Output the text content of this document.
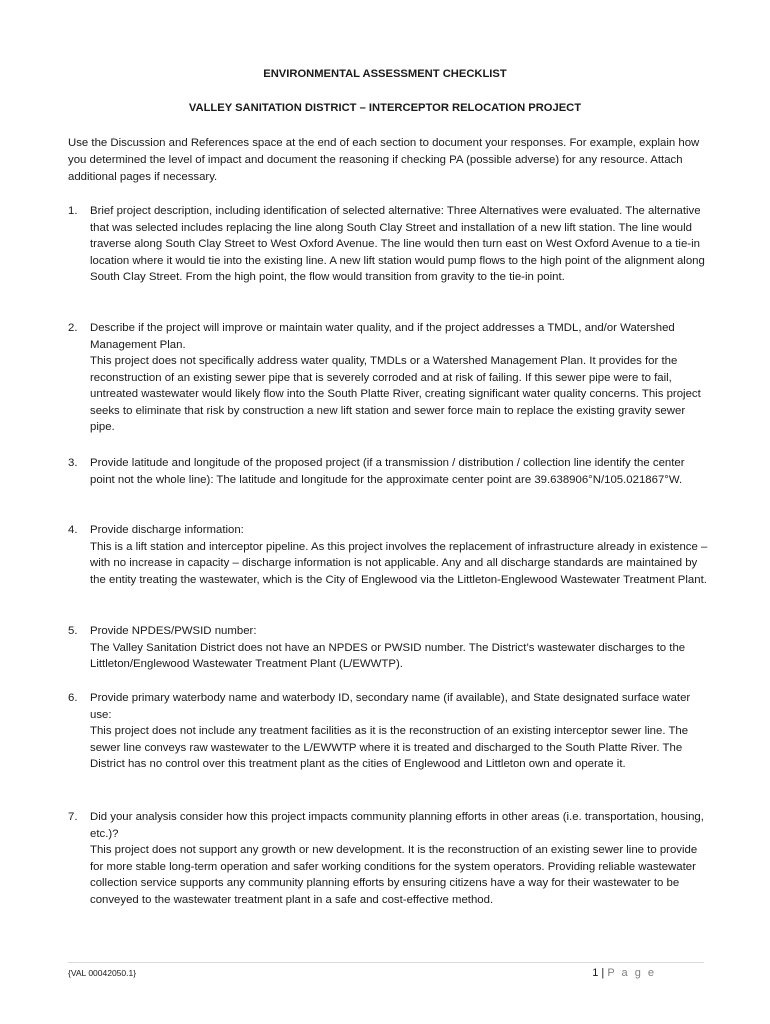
ENVIRONMENTAL ASSESSMENT CHECKLIST
VALLEY SANITATION DISTRICT – INTERCEPTOR RELOCATION PROJECT
Use the Discussion and References space at the end of each section to document your responses. For example, explain how you determined the level of impact and document the reasoning if checking PA (possible adverse) for any resource. Attach additional pages if necessary.
1.	Brief project description, including identification of selected alternative: Three Alternatives were evaluated. The alternative that was selected includes replacing the line along South Clay Street and installation of a new lift station. The line would traverse along South Clay Street to West Oxford Avenue. The line would then turn east on West Oxford Avenue to a tie-in location where it would tie into the existing line. A new lift station would pump flows to the high point of the alignment along South Clay Street. From the high point, the flow would transition from gravity to the tie-in point.

2.	Describe if the project will improve or maintain water quality, and if the project addresses a TMDL, and/or Watershed Management Plan.

This project does not specifically address water quality, TMDLs or a Watershed Management Plan. It provides for the reconstruction of an existing sewer pipe that is severely corroded and at risk of failing. If this sewer pipe were to fail, untreated wastewater would likely flow into the South Platte River, creating significant water quality concerns. This project seeks to eliminate that risk by construction a new lift station and sewer force main to replace the existing gravity sewer pipe.

3.	Provide latitude and longitude of the proposed project (if a transmission / distribution / collection line identify the center point not the whole line): The latitude and longitude for the approximate center point are 39.638906°N/105.021867°W.

4.	Provide discharge information:

This is a lift station and interceptor pipeline. As this project involves the replacement of infrastructure already in existence – with no increase in capacity – discharge information is not applicable. Any and all discharge standards are maintained by the entity treating the wastewater, which is the City of Englewood via the Littleton-Englewood Wastewater Treatment Plant.

5.	Provide NPDES/PWSID number:

The Valley Sanitation District does not have an NPDES or PWSID number. The District’s wastewater discharges to the Littleton/Englewood Wastewater Treatment Plant (L/EWWTP).

6.	Provide primary waterbody name and waterbody ID, secondary name (if available), and State designated surface water use:

This project does not include any treatment facilities as it is the reconstruction of an existing interceptor sewer line. The sewer line conveys raw wastewater to the L/EWWTP where it is treated and discharged to the South Platte River. The District has no control over this treatment plant as the cities of Englewood and Littleton own and operate it.

7.	Did your analysis consider how this project impacts community planning efforts in other areas (i.e. transportation, housing, etc.)?

This project does not support any growth or new development. It is the reconstruction of an existing sewer line to provide for more stable long-term operation and safer working conditions for the system operators. Providing reliable wastewater collection service supports any community planning efforts by ensuring citizens have a way for their wastewater to be conveyed to the wastewater treatment plant in a safe and cost-effective method.

{VAL 00042050.1}	1 | P a g e
